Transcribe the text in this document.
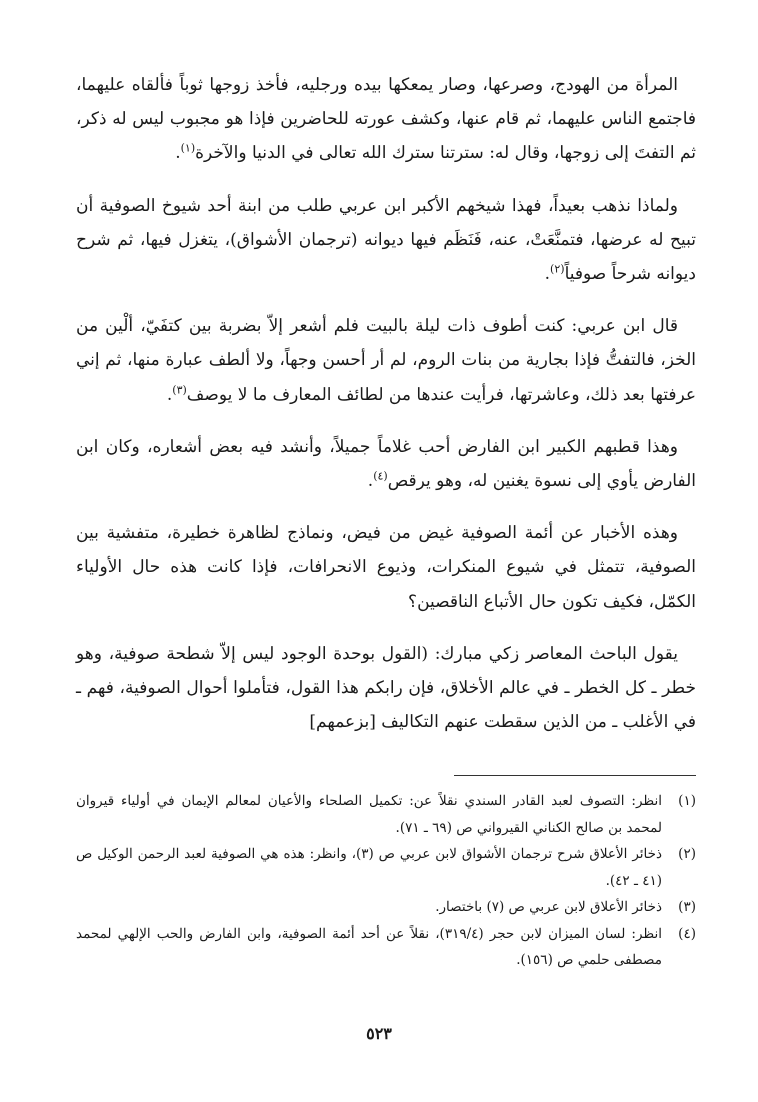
المرأة من الهودج، وصرعها، وصار يمعكها بيده ورجليه، فأخذ زوجها ثوباً فألقاه عليهما، فاجتمع الناس عليهما، ثم قام عنها، وكشف عورته للحاضرين فإذا هو مجبوب ليس له ذكر، ثم التفتَ إلى زوجها، وقال له: سترتنا سترك الله تعالى في الدنيا والآخرة$^{(١)}$.

ولماذا نذهب بعيداً، فهذا شيخهم الأكبر ابن عربي طلب من ابنة أحد شيوخ الصوفية أن تبيح له عرضها، فتمنَّعَتْ، عنه، فَنَظَم فيها ديوانه (ترجمان الأشواق)، يتغزل فيها، ثم شرح ديوانه شرحاً صوفياً$^{(٢)}$.

قال ابن عربي: كنت أطوف ذات ليلة بالبيت فلم أشعر إلاّ بضربة بين كتفَيّ، ألْين من الخز، فالتفتُّ فإذا بجارية من بنات الروم، لم أر أحسن وجهاً، ولا ألطف عبارة منها، ثم إني عرفتها بعد ذلك، وعاشرتها، فرأيت عندها من لطائف المعارف ما لا يوصف$^{(٣)}$.

وهذا قطبهم الكبير ابن الفارض أحب غلاماً جميلاً، وأنشد فيه بعض أشعاره، وكان ابن الفارض يأوي إلى نسوة يغنين له، وهو يرقص$^{(٤)}$.

وهذه الأخبار عن أئمة الصوفية غيض من فيض، ونماذج لظاهرة خطيرة، متفشية بين الصوفية، تتمثل في شيوع المنكرات، وذيوع الانحرافات، فإذا كانت هذه حال الأولياء الكمّل، فكيف تكون حال الأتباع الناقصين؟

يقول الباحث المعاصر زكي مبارك: (القول بوحدة الوجود ليس إلاّ شطحة صوفية، وهو خطر ـ كل الخطر ـ في عالم الأخلاق، فإن رابكم هذا القول، فتأملوا أحوال الصوفية، فهم ـ في الأغلب ـ من الذين سقطت عنهم التكاليف [بزعمهم]

(١)
انظر: التصوف لعبد القادر السندي نقلاً عن: تكميل الصلحاء والأعيان لمعالم الإيمان في أولياء قيروان لمحمد بن صالح الكناني القيرواني ص (٦٩ ـ ٧١).

(٢)
ذخائر الأعلاق شرح ترجمان الأشواق لابن عربي ص (٣)، وانظر: هذه هي الصوفية لعبد الرحمن الوكيل ص (٤١ ـ ٤٢).

(٣)
ذخائر الأعلاق لابن عربي ص (٧) باختصار.

(٤)
انظر: لسان الميزان لابن حجر (٣١٩/٤)، نقلاً عن أحد أئمة الصوفية، وابن الفارض والحب الإلهي لمحمد مصطفى حلمي ص (١٥٦).

٥٢٣
